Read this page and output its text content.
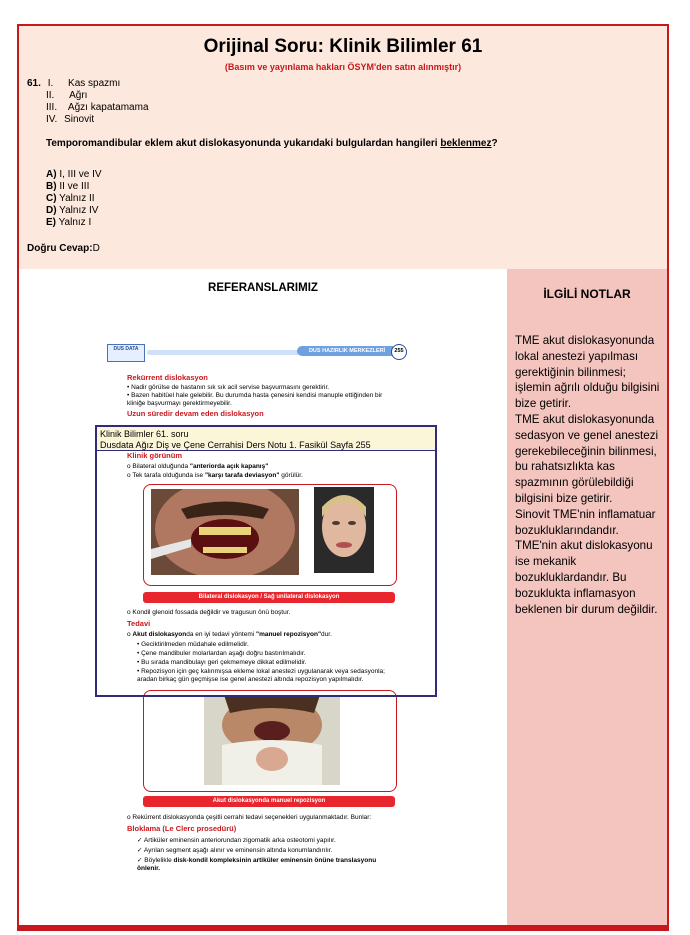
Orijinal Soru: Klinik Bilimler 61
(Basım ve yayınlama hakları ÖSYM'den satın alınmıştır)
61. I. Kas spazmı
II. Ağrı
III. Ağzı kapatamama
IV. Sinovit
Temporomandibular eklem akut dislokasyonunda yukarıdaki bulgulardan hangileri beklenmez?
A) I, III ve IV
B) II ve III
C) Yalnız II
D) Yalnız IV
E) Yalnız I
Doğru Cevap:D
REFERANSLARIMIZ
DUS DATA	DUS HAZIRLIK MERKEZLERİ	255
Rekürrent dislokasyon
• Nadir görülse de hastanın sık sık acil servise başvurmasını gerektirir.
• Bazen habitüel hale gelebilir. Bu durumda hasta çenesini kendisi manuple ettiğinden bir kliniğe başvurmayı gerektirmeyebilir.
Uzun süredir devam eden dislokasyon
Klinik görünüm
o Bilateral olduğunda "anteriorda açık kapanış"
o Tek tarafa olduğunda ise "karşı tarafa deviasyon" görülür.
Bilateral dislokasyon / Sağ unilateral dislokasyon
o Kondil glenoid fossada değildir ve tragusun önü boştur.
Tedavi
o Akut dislokasyonda en iyi tedavi yöntemi "manuel repozisyon"dur.
• Geciktirilmeden müdahale edilmelidir.
• Çene mandibuler molarlardan aşağı doğru bastırılmalıdır.
• Bu sırada mandibulayı geri çekmemeye dikkat edilmelidir.
• Repozisyon için geç kalınmışsa ekleme lokal anestezi uygulanarak veya sedasyonla; aradan birkaç gün geçmişse ise genel anestezi altında repozisyon yapılmalıdır.
Akut dislokasyonda manuel repozisyon
o Rekürrent dislokasyonda çeşitli cerrahi tedavi seçenekleri uygulanmaktadır. Bunlar:
Bloklama (Le Clerc prosedürü)
✓ Artiküler eminensin anteriorundan zigomatik arka osteotomi yapılır.
✓ Ayrılan segment aşağı alınır ve eminensin altında konumlandırılır.
✓ Böylelikle disk-kondil kompleksinin artiküler eminensin önüne translasyonu önlenir.
Klinik Bilimler 61. soru
Dusdata Ağız Diş ve Çene Cerrahisi Ders Notu 1. Fasikül Sayfa 255
İLGİLİ NOTLAR
TME akut dislokasyonunda lokal anestezi yapılması gerektiğinin bilinmesi; işlemin ağrılı olduğu bilgisini bize getirir.
TME akut dislokasyonunda sedasyon ve genel anestezi gerekebileceğinin bilinmesi, bu rahatsızlıkta kas spazmının görülebildiği bilgisini bize getirir.
Sinovit TME'nin inflamatuar bozukluklarındandır. TME'nin akut dislokasyonu ise mekanik bozukluklardandır. Bu bozuklukta inflamasyon beklenen bir durum değildir.
